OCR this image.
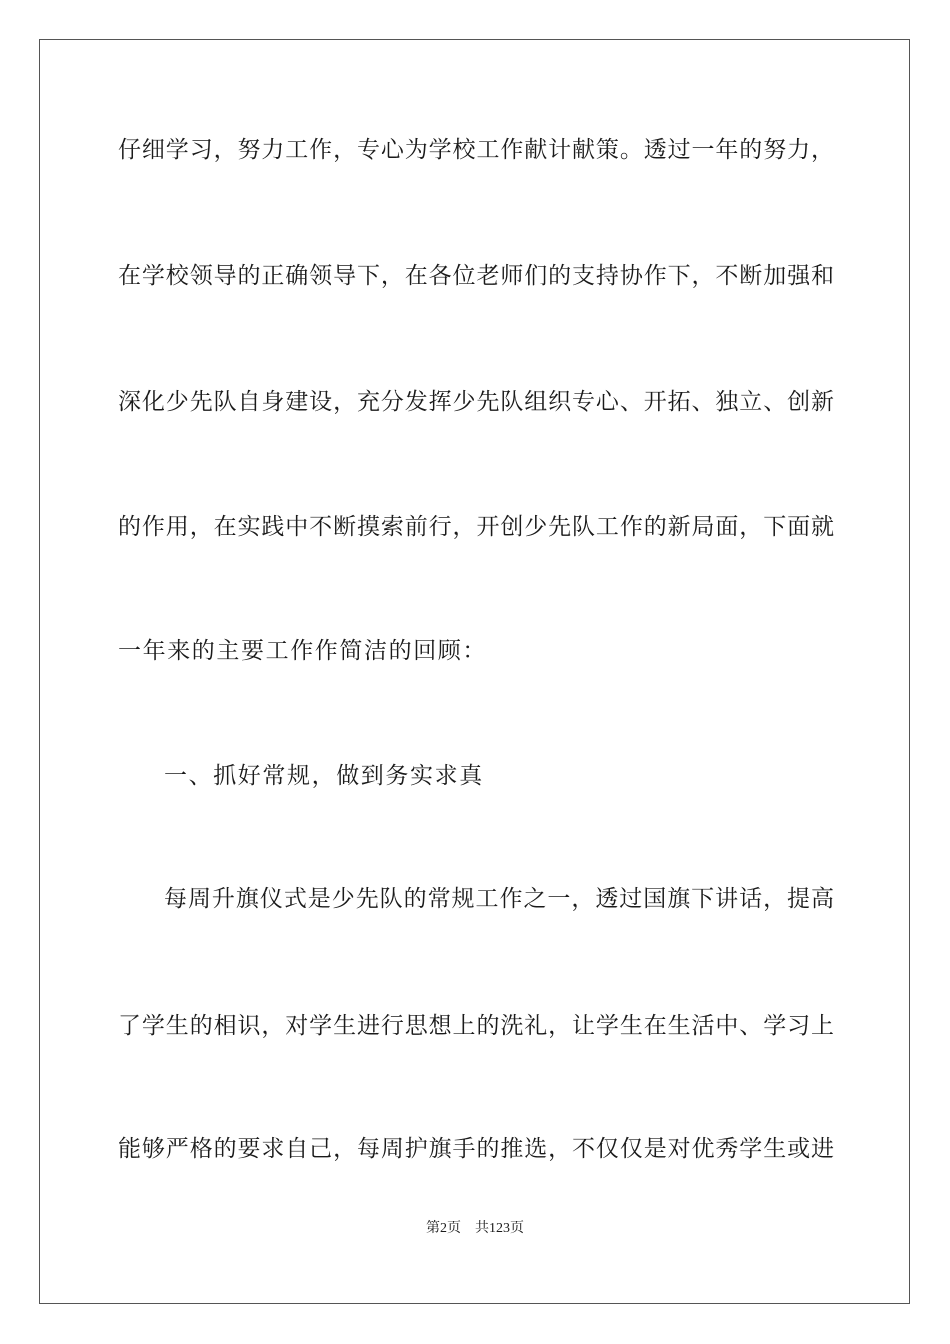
仔细学习，努力工作，专心为学校工作献计献策。透过一年的努力，
在学校领导的正确领导下，在各位老师们的支持协作下，不断加强和
深化少先队自身建设，充分发挥少先队组织专心、开拓、独立、创新
的作用，在实践中不断摸索前行，开创少先队工作的新局面，下面就
一年来的主要工作作简洁的回顾：
一、抓好常规，做到务实求真
每周升旗仪式是少先队的常规工作之一，透过国旗下讲话，提高
了学生的相识，对学生进行思想上的洗礼，让学生在生活中、学习上
能够严格的要求自己，每周护旗手的推选，不仅仅是对优秀学生或进
第2页 共123页
